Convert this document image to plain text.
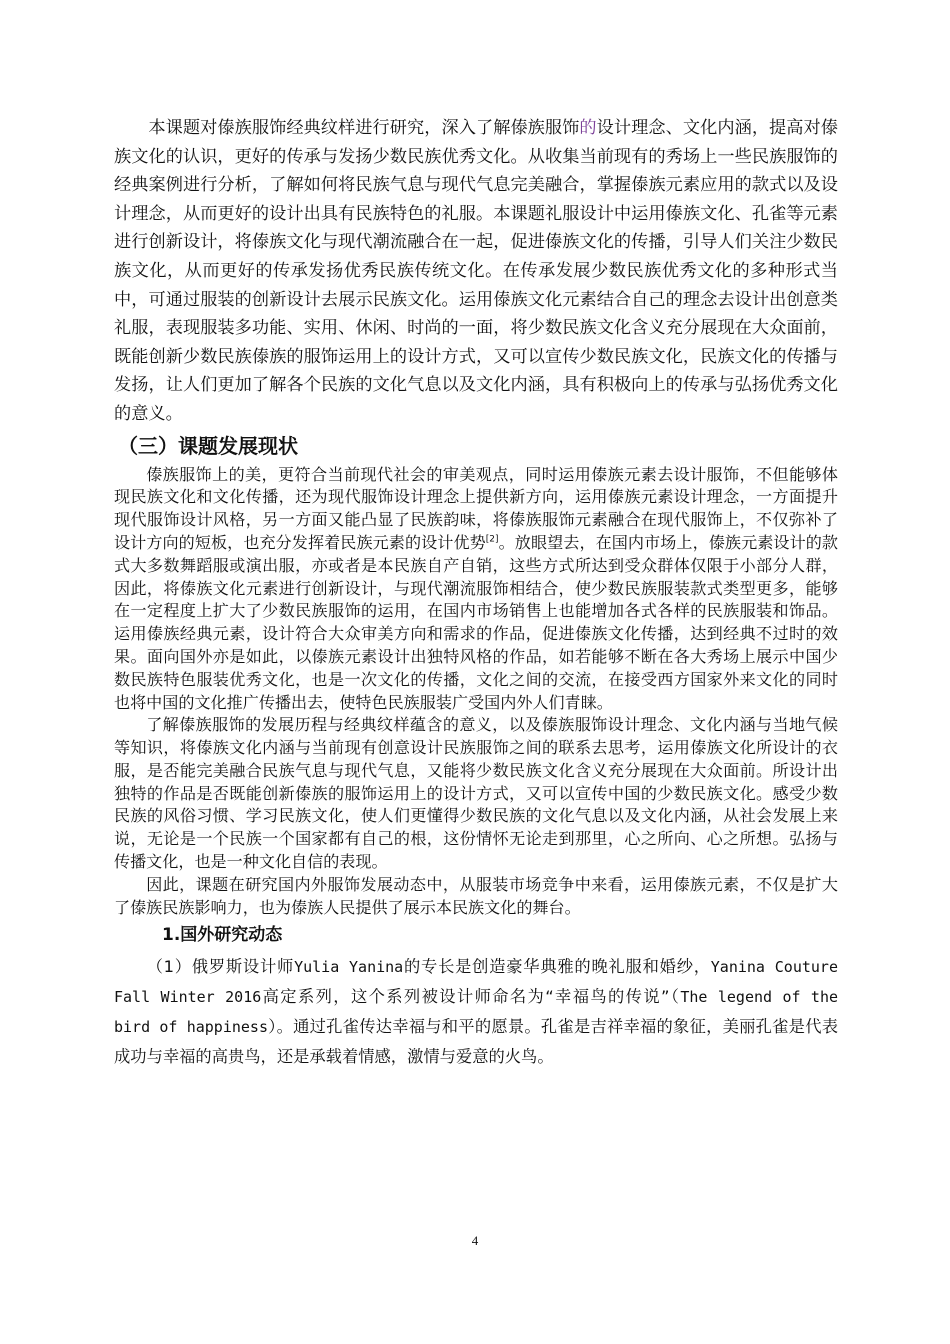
本课题对傣族服饰经典纹样进行研究，深入了解傣族服饰的设计理念、文化内涵，提高对傣族文化的认识，更好的传承与发扬少数民族优秀文化。从收集当前现有的秀场上一些民族服饰的经典案例进行分析，了解如何将民族气息与现代气息完美融合，掌握傣族元素应用的款式以及设计理念，从而更好的设计出具有民族特色的礼服。本课题礼服设计中运用傣族文化、孔雀等元素进行创新设计，将傣族文化与现代潮流融合在一起，促进傣族文化的传播，引导人们关注少数民族文化，从而更好的传承发扬优秀民族传统文化。在传承发展少数民族优秀文化的多种形式当中，可通过服装的创新设计去展示民族文化。运用傣族文化元素结合自己的理念去设计出创意类礼服，表现服装多功能、实用、休闲、时尚的一面，将少数民族文化含义充分展现在大众面前，既能创新少数民族傣族的服饰运用上的设计方式，又可以宣传少数民族文化，民族文化的传播与发扬，让人们更加了解各个民族的文化气息以及文化内涵，具有积极向上的传承与弘扬优秀文化的意义。

（三）课题发展现状

傣族服饰上的美，更符合当前现代社会的审美观点，同时运用傣族元素去设计服饰，不但能够体现民族文化和文化传播，还为现代服饰设计理念上提供新方向，运用傣族元素设计理念，一方面提升现代服饰设计风格，另一方面又能凸显了民族韵味，将傣族服饰元素融合在现代服饰上，不仅弥补了设计方向的短板，也充分发挥着民族元素的设计优势[2]。放眼望去，在国内市场上，傣族元素设计的款式大多数舞蹈服或演出服，亦或者是本民族自产自销，这些方式所达到受众群体仅限于小部分人群，因此，将傣族文化元素进行创新设计，与现代潮流服饰相结合，使少数民族服装款式类型更多，能够在一定程度上扩大了少数民族服饰的运用，在国内市场销售上也能增加各式各样的民族服装和饰品。运用傣族经典元素，设计符合大众审美方向和需求的作品，促进傣族文化传播，达到经典不过时的效果。面向国外亦是如此，以傣族元素设计出独特风格的作品，如若能够不断在各大秀场上展示中国少数民族特色服装优秀文化，也是一次文化的传播，文化之间的交流，在接受西方国家外来文化的同时也将中国的文化推广传播出去，使特色民族服装广受国内外人们青睐。

了解傣族服饰的发展历程与经典纹样蕴含的意义，以及傣族服饰设计理念、文化内涵与当地气候等知识，将傣族文化内涵与当前现有创意设计民族服饰之间的联系去思考，运用傣族文化所设计的衣服，是否能完美融合民族气息与现代气息，又能将少数民族文化含义充分展现在大众面前。所设计出独特的作品是否既能创新傣族的服饰运用上的设计方式，又可以宣传中国的少数民族文化。感受少数民族的风俗习惯、学习民族文化，使人们更懂得少数民族的文化气息以及文化内涵，从社会发展上来说，无论是一个民族一个国家都有自己的根，这份情怀无论走到那里，心之所向、心之所想。弘扬与传播文化，也是一种文化自信的表现。

因此，课题在研究国内外服饰发展动态中，从服装市场竞争中来看，运用傣族元素，不仅是扩大了傣族民族影响力，也为傣族人民提供了展示本民族文化的舞台。

1.国外研究动态

（1）俄罗斯设计师Yulia Yanina的专长是创造豪华典雅的晚礼服和婚纱，Yanina Couture Fall Winter 2016高定系列，这个系列被设计师命名为“幸福鸟的传说”（The legend of the bird of happiness）。通过孔雀传达幸福与和平的愿景。孔雀是吉祥幸福的象征，美丽孔雀是代表成功与幸福的高贵鸟，还是承载着情感，激情与爱意的火鸟。

4
